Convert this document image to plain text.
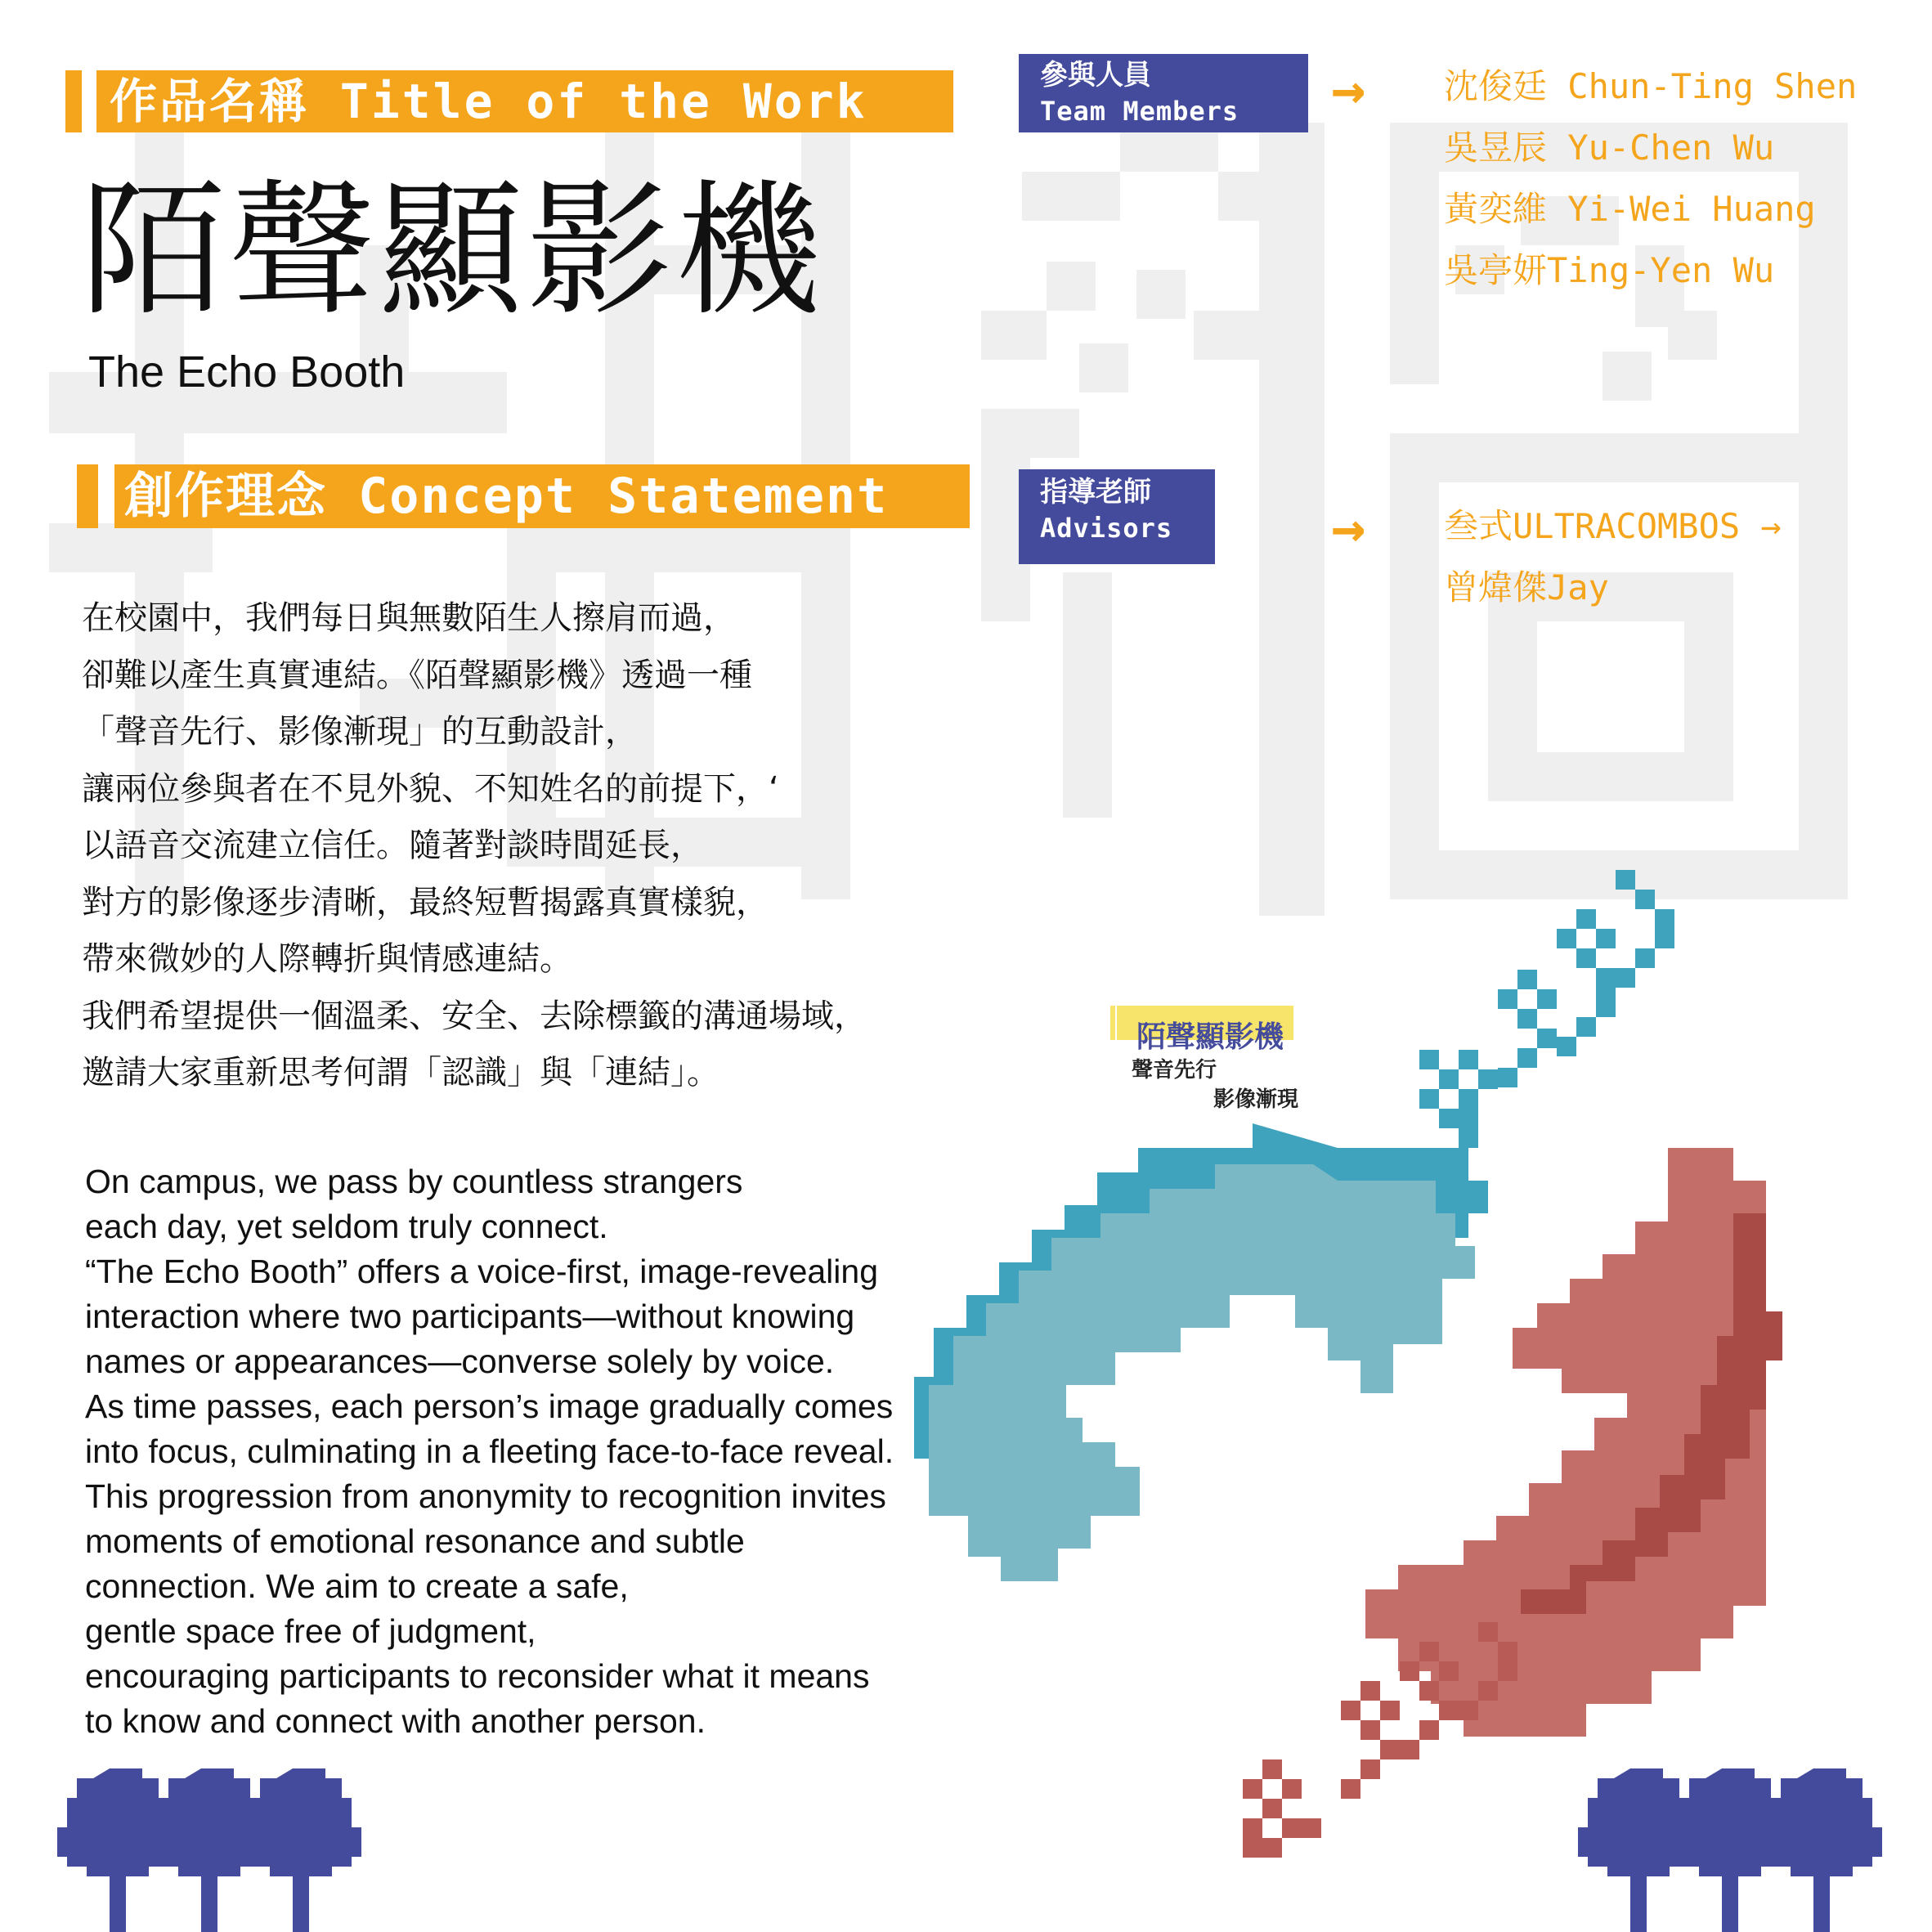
作品名稱 Title of the Work
陌聲顯影機
The Echo Booth
創作理念 Concept Statement
在校園中，我們每日與無數陌生人擦肩而過，
卻難以產生真實連結。《陌聲顯影機》透過一種
「聲音先行、影像漸現」的互動設計，
讓兩位參與者在不見外貌、不知姓名的前提下，‘
以語音交流建立信任。隨著對談時間延長，
對方的影像逐步清晰，最終短暫揭露真實樣貌，
帶來微妙的人際轉折與情感連結。
我們希望提供一個溫柔、安全、去除標籤的溝通場域，
邀請大家重新思考何謂「認識」與「連結」。
On campus, we pass by countless strangers
each day, yet seldom truly connect.
“The Echo Booth” offers a voice-first, image-revealing
interaction where two participants—without knowing
names or appearances—converse solely by voice.
As time passes, each person’s image gradually comes
into focus, culminating in a fleeting face-to-face reveal.
This progression from anonymity to recognition invites
moments of emotional resonance and subtle
connection. We aim to create a safe,
gentle space free of judgment,
encouraging participants to reconsider what it means
to know and connect with another person.
參與人員
Team Members	→ 沈俊廷 Chun-Ting Shen
吳昱辰 Yu-Chen Wu
黃奕維 Yi-Wei Huang
吳亭妍Ting-Yen Wu
指導老師
Advisors	→ 叁式ULTRACOMBOS →
曾煒傑Jay
陌聲顯影機
聲音先行
影像漸現
